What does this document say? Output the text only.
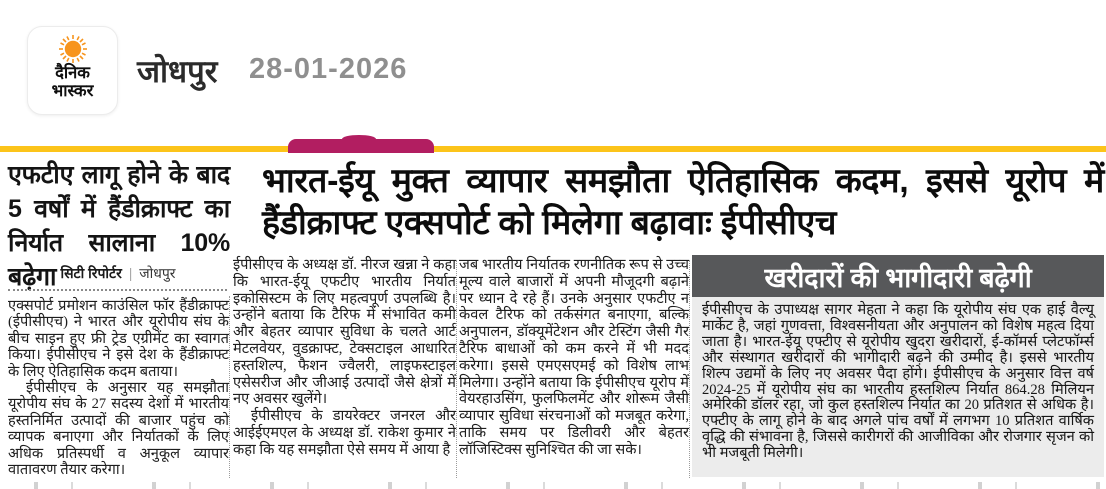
दैनिक
भास्कर
जोधपुर 28-01-2026
एफटीए लागू होने के बाद 5 वर्षों में हैंडीक्राफ्ट का निर्यात सालाना 10% बढ़ेगा सिटी रिपोर्टर | जोधपुर

एक्सपोर्ट प्रमोशन काउंसिल फॉर हैंडीक्राफ्ट (ईपीसीएच) ने भारत और यूरोपीय संघ के बीच साइन हुए फ्री ट्रेड एग्रीमेंट का स्वागत किया। ईपीसीएच ने इसे देश के हैंडीक्राफ्ट के लिए ऐतिहासिक कदम बताया।

ईपीसीएच के अनुसार यह समझौता यूरोपीय संघ के 27 सदस्य देशों में भारतीय हस्तनिर्मित उत्पादों की बाजार पहुंच को व्यापक बनाएगा और निर्यातकों के लिए अधिक प्रतिस्पर्धी व अनुकूल व्यापार वातावरण तैयार करेगा।

भारत-ईयू मुक्त व्यापार समझौता ऐतिहासिक कदम, इससे यूरोप में हैंडीक्राफ्ट एक्सपोर्ट को मिलेगा बढ़ावाः ईपीसीएच

ईपीसीएच के अध्यक्ष डॉ. नीरज खन्ना ने कहा कि भारत-ईयू एफटीए भारतीय निर्यात इकोसिस्टम के लिए महत्वपूर्ण उपलब्धि है। उन्होंने बताया कि टैरिफ में संभावित कमी और बेहतर व्यापार सुविधा के चलते आर्ट मेटलवेयर, वुडक्राफ्ट, टेक्सटाइल आधारित हस्तशिल्प, फैशन ज्वैलरी, लाइफस्टाइल एसेसरीज और जीआई उत्पादों जैसे क्षेत्रों में नए अवसर खुलेंगे।

ईपीसीएच के डायरेक्टर जनरल और आईईएमएल के अध्यक्ष डॉ. राकेश कुमार ने कहा कि यह समझौता ऐसे समय में आया है

जब भारतीय निर्यातक रणनीतिक रूप से उच्च मूल्य वाले बाजारों में अपनी मौजूदगी बढ़ाने पर ध्यान दे रहे हैं। उनके अनुसार एफटीए न केवल टैरिफ को तर्कसंगत बनाएगा, बल्कि अनुपालन, डॉक्यूमेंटेशन और टेस्टिंग जैसी गैर टैरिफ बाधाओं को कम करने में भी मदद करेगा। इससे एमएसएमई को विशेष लाभ मिलेगा। उन्होंने बताया कि ईपीसीएच यूरोप में वेयरहाउसिंग, फुलफिलमेंट और शोरूम जैसी व्यापार सुविधा संरचनाओं को मजबूत करेगा, ताकि समय पर डिलीवरी और बेहतर लॉजिस्टिक्स सुनिश्चित की जा सके।

खरीदारों की भागीदारी बढ़ेगी
ईपीसीएच के उपाध्यक्ष सागर मेहता ने कहा कि यूरोपीय संघ एक हाई वैल्यू मार्केट है, जहां गुणवत्ता, विश्वसनीयता और अनुपालन को विशेष महत्व दिया जाता है। भारत-ईयू एफ्टीए से यूरोपीय खुदरा खरीदारों, ई-कॉमर्स प्लेटफॉर्म्स और संस्थागत खरीदारों की भागीदारी बढ़ने की उम्मीद है। इससे भारतीय शिल्प उद्यमों के लिए नए अवसर पैदा होंगे। ईपीसीएच के अनुसार वित्त वर्ष 2024-25 में यूरोपीय संघ का भारतीय हस्तशिल्प निर्यात 864.28 मिलियन अमेरिकी डॉलर रहा, जो कुल हस्तशिल्प निर्यात का 20 प्रतिशत से अधिक है। एफ्टीए के लागू होने के बाद अगले पांच वर्षों में लगभग 10 प्रतिशत वार्षिक वृद्धि की संभावना है, जिससे कारीगरों की आजीविका और रोजगार सृजन को भी मजबूती मिलेगी।
